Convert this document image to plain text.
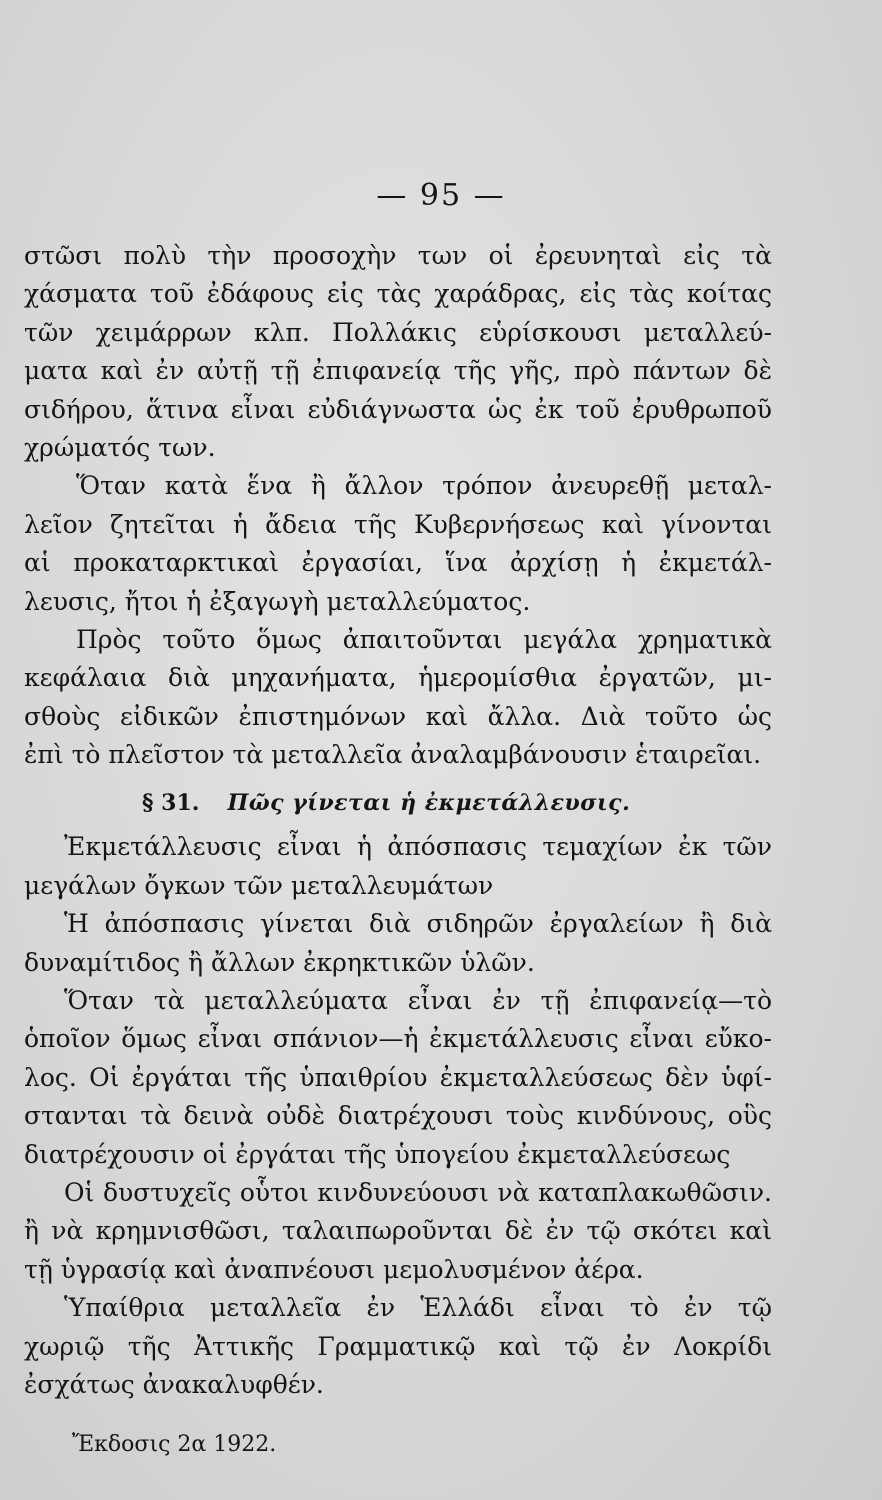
— 95 —
στῶσι πολὺ τὴν προσοχὴν των οἱ ἐρευνηταὶ εἰς τὰ
χάσματα τοῦ ἐδάφους εἰς τὰς χαράδρας, εἰς τὰς κοίτας
τῶν χειμάρρων κλπ. Πολλάκις εὑρίσκουσι μεταλλεύ-
ματα καὶ ἐν αὐτῇ τῇ ἐπιφανείᾳ τῆς γῆς, πρὸ πάντων δὲ
σιδήρου, ἅτινα εἶναι εὐδιάγνωστα ὡς ἐκ τοῦ ἐρυθρωποῦ
χρώματός των.
Ὅταν κατὰ ἕνα ἢ ἄλλον τρόπον ἀνευρεθῇ μεταλ-
λεῖον ζητεῖται ἡ ἄδεια τῆς Κυβερνήσεως καὶ γίνονται
αἱ προκαταρκτικαὶ ἐργασίαι, ἵνα ἀρχίσῃ ἡ ἐκμετάλ-
λευσις, ἤτοι ἡ ἐξαγωγὴ μεταλλεύματος.
Πρὸς τοῦτο ὅμως ἀπαιτοῦνται μεγάλα χρηματικὰ
κεφάλαια διὰ μηχανήματα, ἡμερομίσθια ἐργατῶν, μι-
σθοὺς εἰδικῶν ἐπιστημόνων καὶ ἄλλα. Διὰ τοῦτο ὡς
ἐπὶ τὸ πλεῖστον τὰ μεταλλεῖα ἀναλαμβάνουσιν ἑταιρεῖαι.
§ 31. Πῶς γίνεται ἡ ἐκμετάλλευσις.
Ἐκμετάλλευσις εἶναι ἡ ἀπόσπασις τεμαχίων ἐκ τῶν
μεγάλων ὄγκων τῶν μεταλλευμάτων
Ἡ ἀπόσπασις γίνεται διὰ σιδηρῶν ἐργαλείων ἢ διὰ
δυναμίτιδος ἢ ἄλλων ἐκρηκτικῶν ὑλῶν.
Ὅταν τὰ μεταλλεύματα εἶναι ἐν τῇ ἐπιφανείᾳ—τὸ
ὁποῖον ὅμως εἶναι σπάνιον—ἡ ἐκμετάλλευσις εἶναι εὔκο-
λος. Οἱ ἐργάται τῆς ὑπαιθρίου ἐκμεταλλεύσεως δὲν ὑφί-
στανται τὰ δεινὰ οὐδὲ διατρέχουσι τοὺς κινδύνους, οὓς
διατρέχουσιν οἱ ἐργάται τῆς ὑπογείου ἐκμεταλλεύσεως
Οἱ δυστυχεῖς οὗτοι κινδυνεύουσι νὰ καταπλακωθῶσιν.
ἢ νὰ κρημνισθῶσι, ταλαιπωροῦνται δὲ ἐν τῷ σκότει καὶ
τῇ ὑγρασίᾳ καὶ ἀναπνέουσι μεμολυσμένον ἀέρα.
Ὑπαίθρια μεταλλεῖα ἐν Ἑλλάδι εἶναι τὸ ἐν τῷ
χωριῷ τῆς Ἀττικῆς Γραμματικῷ καὶ τῷ ἐν Λοκρίδι
ἐσχάτως ἀνακαλυφθέν.
Ἔκδοσις 2α 1922.
